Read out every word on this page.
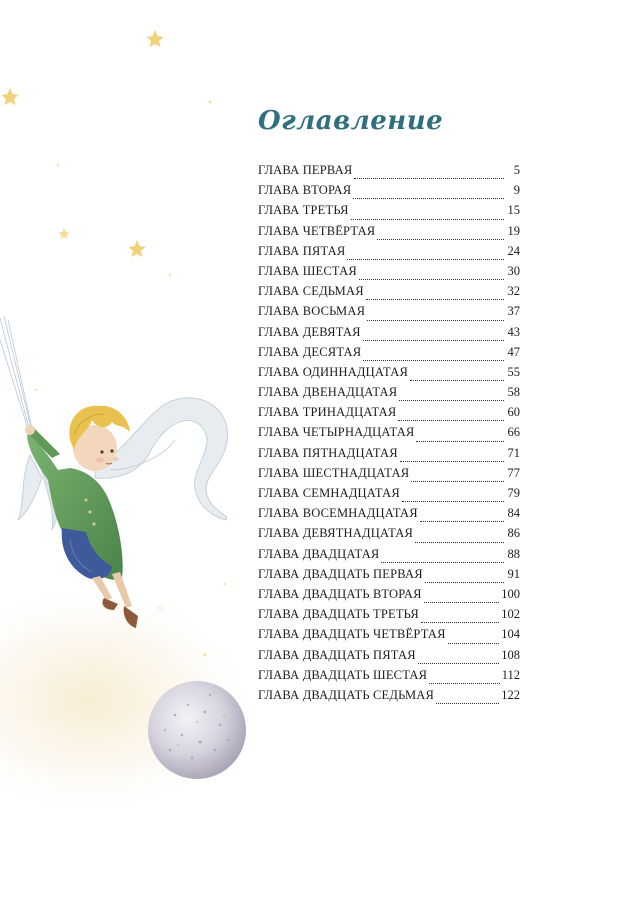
Оглавление
ГЛАВА ПЕРВАЯ	5
ГЛАВА ВТОРАЯ	9
ГЛАВА ТРЕТЬЯ	15
ГЛАВА ЧЕТВЁРТАЯ	19
ГЛАВА ПЯТАЯ	24
ГЛАВА ШЕСТАЯ	30
ГЛАВА СЕДЬМАЯ	32
ГЛАВА ВОСЬМАЯ	37
ГЛАВА ДЕВЯТАЯ	43
ГЛАВА ДЕСЯТАЯ	47
ГЛАВА ОДИННАДЦАТАЯ	55
ГЛАВА ДВЕНАДЦАТАЯ	58
ГЛАВА ТРИНАДЦАТАЯ	60
ГЛАВА ЧЕТЫРНАДЦАТАЯ	66
ГЛАВА ПЯТНАДЦАТАЯ	71
ГЛАВА ШЕСТНАДЦАТАЯ	77
ГЛАВА СЕМНАДЦАТАЯ	79
ГЛАВА ВОСЕМНАДЦАТАЯ	84
ГЛАВА ДЕВЯТНАДЦАТАЯ	86
ГЛАВА ДВАДЦАТАЯ	88
ГЛАВА ДВАДЦАТЬ ПЕРВАЯ	91
ГЛАВА ДВАДЦАТЬ ВТОРАЯ	100
ГЛАВА ДВАДЦАТЬ ТРЕТЬЯ	102
ГЛАВА ДВАДЦАТЬ ЧЕТВЁРТАЯ	104
ГЛАВА ДВАДЦАТЬ ПЯТАЯ	108
ГЛАВА ДВАДЦАТЬ ШЕСТАЯ	112
ГЛАВА ДВАДЦАТЬ СЕДЬМАЯ	122
